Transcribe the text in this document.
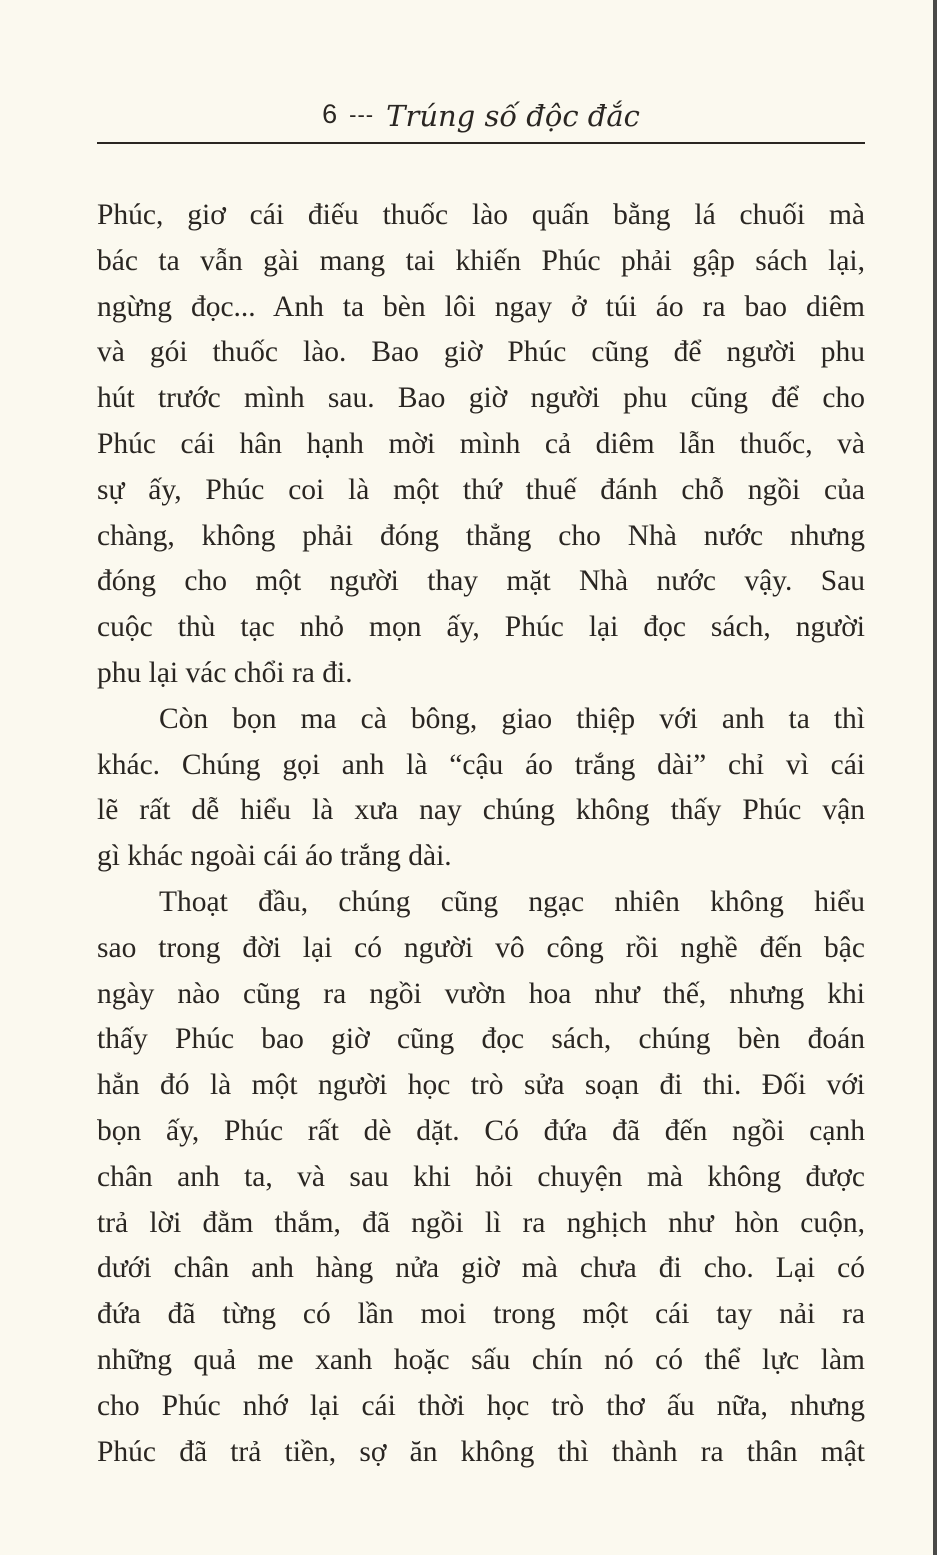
6 --- Trúng số độc đắc
Phúc, giơ cái điếu thuốc lào quấn bằng lá chuối mà
bác ta vẫn gài mang tai khiến Phúc phải gập sách lại,
ngừng đọc... Anh ta bèn lôi ngay ở túi áo ra bao diêm
và gói thuốc lào. Bao giờ Phúc cũng để người phu
hút trước mình sau. Bao giờ người phu cũng để cho
Phúc cái hân hạnh mời mình cả diêm lẫn thuốc, và
sự ấy, Phúc coi là một thứ thuế đánh chỗ ngồi của
chàng, không phải đóng thẳng cho Nhà nước nhưng
đóng cho một người thay mặt Nhà nước vậy. Sau
cuộc thù tạc nhỏ mọn ấy, Phúc lại đọc sách, người
phu lại vác chổi ra đi.
Còn bọn ma cà bông, giao thiệp với anh ta thì
khác. Chúng gọi anh là “cậu áo trắng dài” chỉ vì cái
lẽ rất dễ hiểu là xưa nay chúng không thấy Phúc vận
gì khác ngoài cái áo trắng dài.
Thoạt đầu, chúng cũng ngạc nhiên không hiểu
sao trong đời lại có người vô công rồi nghề đến bậc
ngày nào cũng ra ngồi vườn hoa như thế, nhưng khi
thấy Phúc bao giờ cũng đọc sách, chúng bèn đoán
hẳn đó là một người học trò sửa soạn đi thi. Đối với
bọn ấy, Phúc rất dè dặt. Có đứa đã đến ngồi cạnh
chân anh ta, và sau khi hỏi chuyện mà không được
trả lời đằm thắm, đã ngồi lì ra nghịch như hòn cuộn,
dưới chân anh hàng nửa giờ mà chưa đi cho. Lại có
đứa đã từng có lần moi trong một cái tay nải ra
những quả me xanh hoặc sấu chín nó có thể lực làm
cho Phúc nhớ lại cái thời học trò thơ ấu nữa, nhưng
Phúc đã trả tiền, sợ ăn không thì thành ra thân mật
